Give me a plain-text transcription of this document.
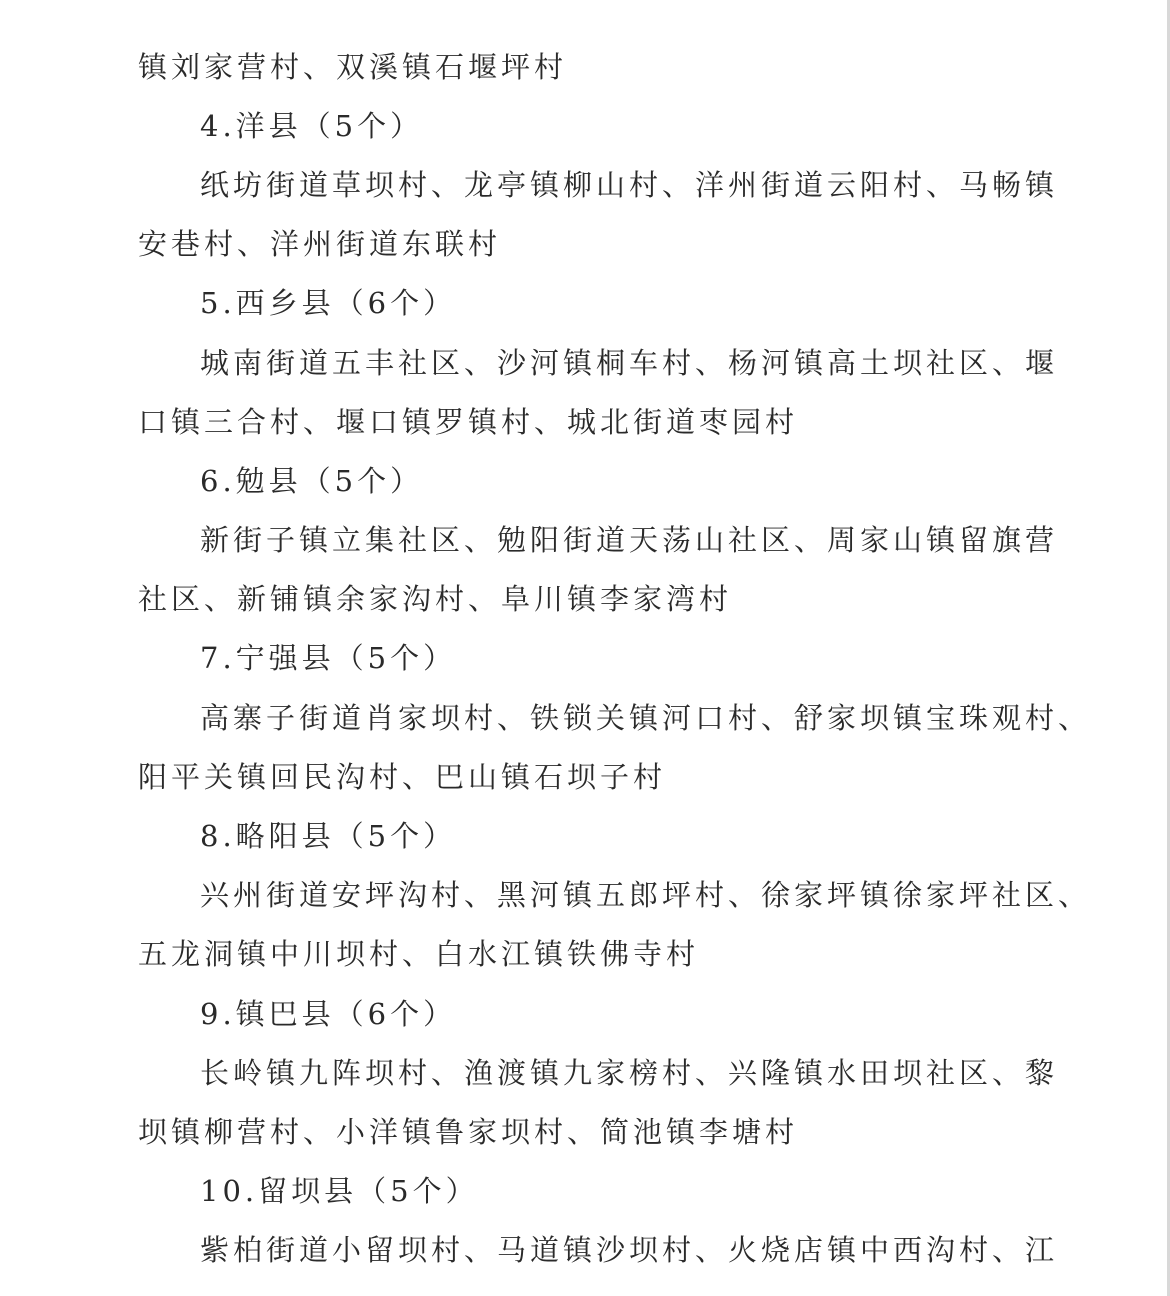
镇刘家营村、双溪镇石堰坪村
4.洋县（5个）
纸坊街道草坝村、龙亭镇柳山村、洋州街道云阳村、马畅镇
安巷村、洋州街道东联村
5.西乡县（6个）
城南街道五丰社区、沙河镇桐车村、杨河镇高土坝社区、堰
口镇三合村、堰口镇罗镇村、城北街道枣园村
6.勉县（5个）
新街子镇立集社区、勉阳街道天荡山社区、周家山镇留旗营
社区、新铺镇余家沟村、阜川镇李家湾村
7.宁强县（5个）
高寨子街道肖家坝村、铁锁关镇河口村、舒家坝镇宝珠观村、
阳平关镇回民沟村、巴山镇石坝子村
8.略阳县（5个）
兴州街道安坪沟村、黑河镇五郎坪村、徐家坪镇徐家坪社区、
五龙洞镇中川坝村、白水江镇铁佛寺村
9.镇巴县（6个）
长岭镇九阵坝村、渔渡镇九家榜村、兴隆镇水田坝社区、黎
坝镇柳营村、小洋镇鲁家坝村、简池镇李塘村
10.留坝县（5个）
紫柏街道小留坝村、马道镇沙坝村、火烧店镇中西沟村、江
